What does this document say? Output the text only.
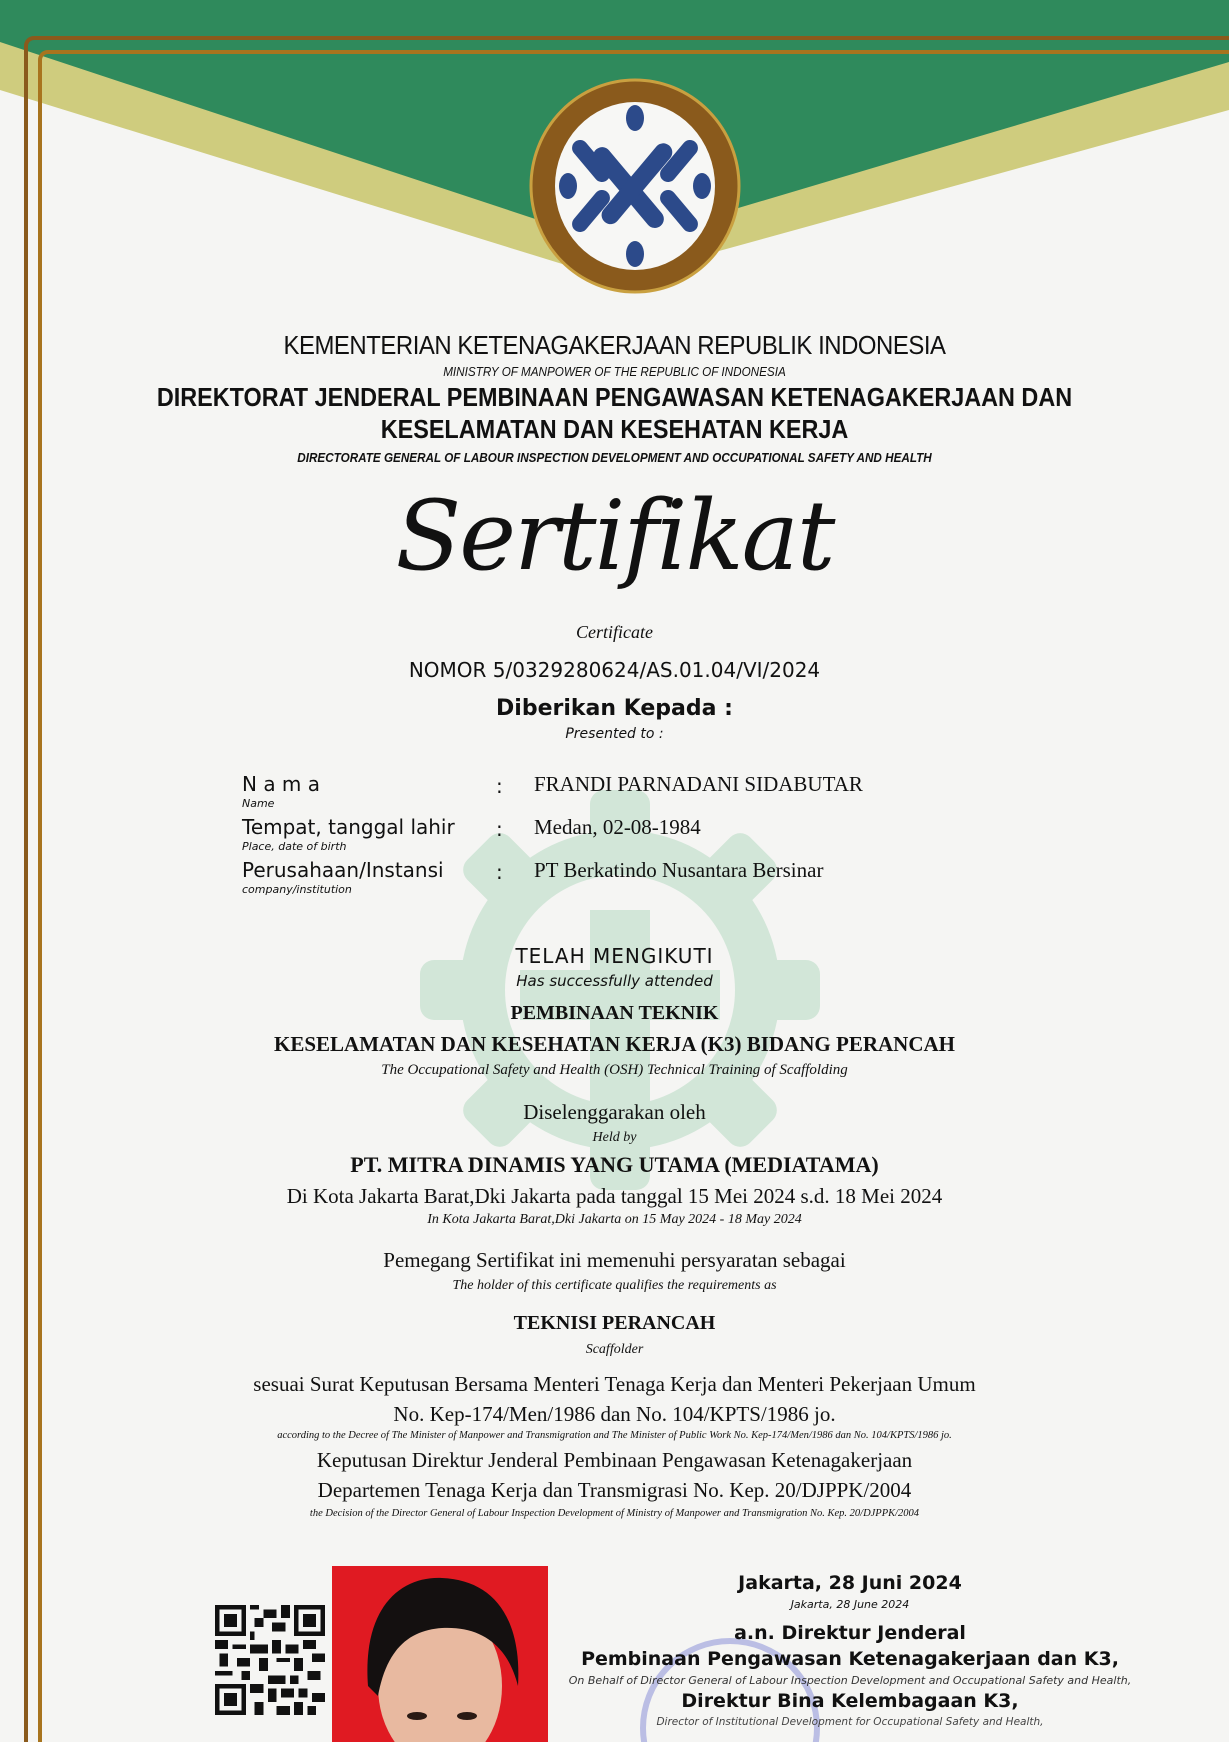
KEMENTERIAN KETENAGAKERJAAN REPUBLIK INDONESIA
MINISTRY OF MANPOWER OF THE REPUBLIC OF INDONESIA
DIREKTORAT JENDERAL PEMBINAAN PENGAWASAN KETENAGAKERJAAN DAN
KESELAMATAN DAN KESEHATAN KERJA
DIRECTORATE GENERAL OF LABOUR INSPECTION DEVELOPMENT AND OCCUPATIONAL SAFETY AND HEALTH
Sertifikat
Certificate
NOMOR 5/0329280624/AS.01.04/VI/2024
Diberikan Kepada :
Presented to :
N a m a
Name
: FRANDI PARNADANI SIDABUTAR
Tempat, tanggal lahir
Place, date of birth
: Medan, 02-08-1984
Perusahaan/Instansi
company/institution
: PT Berkatindo Nusantara Bersinar
TELAH MENGIKUTI
Has successfully attended
PEMBINAAN TEKNIK
KESELAMATAN DAN KESEHATAN KERJA (K3) BIDANG PERANCAH
The Occupational Safety and Health (OSH) Technical Training of Scaffolding
Diselenggarakan oleh
Held by
PT. MITRA DINAMIS YANG UTAMA (MEDIATAMA)
Di Kota Jakarta Barat,Dki Jakarta pada tanggal 15 Mei 2024 s.d. 18 Mei 2024
In Kota Jakarta Barat,Dki Jakarta on 15 May 2024 - 18 May 2024
Pemegang Sertifikat ini memenuhi persyaratan sebagai
The holder of this certificate qualifies the requirements as
TEKNISI PERANCAH
Scaffolder
sesuai Surat Keputusan Bersama Menteri Tenaga Kerja dan Menteri Pekerjaan Umum
No. Kep-174/Men/1986 dan No. 104/KPTS/1986 jo.
according to the Decree of The Minister of Manpower and Transmigration and The Minister of Public Work No. Kep-174/Men/1986 dan No. 104/KPTS/1986 jo.
Keputusan Direktur Jenderal Pembinaan Pengawasan Ketenagakerjaan
Departemen Tenaga Kerja dan Transmigrasi No. Kep. 20/DJPPK/2004
the Decision of the Director General of Labour Inspection Development of Ministry of Manpower and Transmigration No. Kep. 20/DJPPK/2004
Jakarta, 28 Juni 2024
Jakarta, 28 June 2024
a.n. Direktur Jenderal
Pembinaan Pengawasan Ketenagakerjaan dan K3,
On Behalf of Director General of Labour Inspection Development and Occupational Safety and Health,
Direktur Bina Kelembagaan K3,
Director of Institutional Development for Occupational Safety and Health,
